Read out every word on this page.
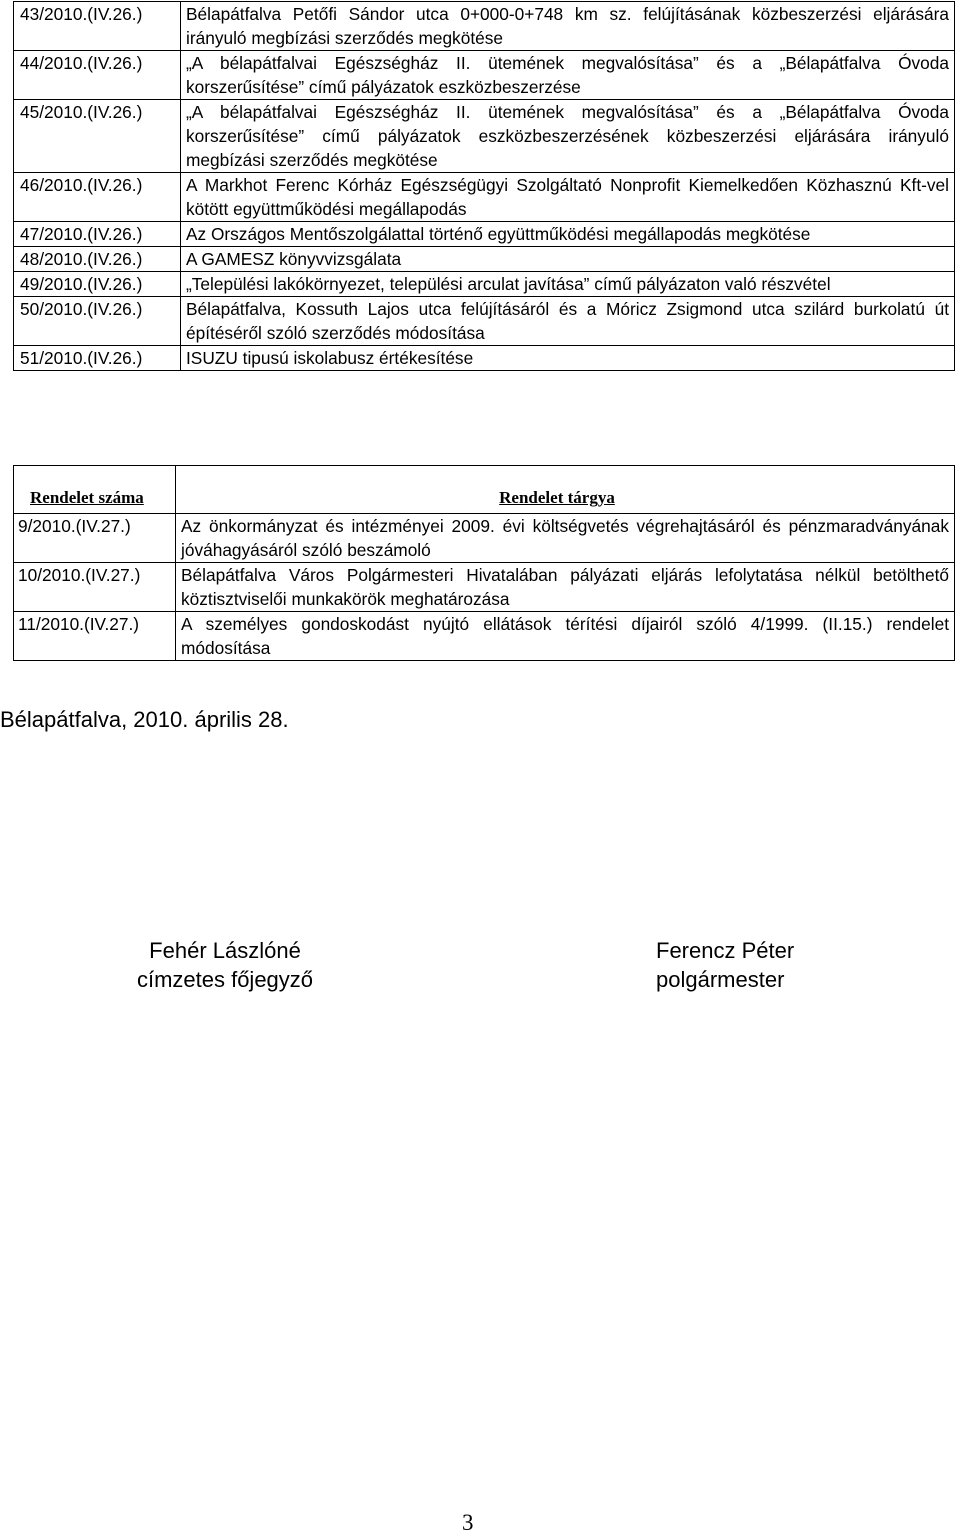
43/2010.(IV.26.)	Bélapátfalva Petőfi Sándor utca 0+000-0+748 km sz. felújításának közbeszerzési eljárására irányuló megbízási szerződés megkötése
44/2010.(IV.26.)	„A bélapátfalvai Egészségház II. ütemének megvalósítása” és a „Bélapátfalva Óvoda korszerűsítése” című pályázatok eszközbeszerzése
45/2010.(IV.26.)	„A bélapátfalvai Egészségház II. ütemének megvalósítása” és a „Bélapátfalva Óvoda korszerűsítése” című pályázatok eszközbeszerzésének közbeszerzési eljárására irányuló megbízási szerződés megkötése
46/2010.(IV.26.)	A Markhot Ferenc Kórház Egészségügyi Szolgáltató Nonprofit Kiemelkedően Közhasznú Kft-vel kötött együttműködési megállapodás
47/2010.(IV.26.)	Az Országos Mentőszolgálattal történő együttműködési megállapodás megkötése
48/2010.(IV.26.)	A GAMESZ könyvvizsgálata
49/2010.(IV.26.)	„Települési lakókörnyezet, települési arculat javítása” című pályázaton való részvétel
50/2010.(IV.26.)	Bélapátfalva, Kossuth Lajos utca felújításáról és a Móricz Zsigmond utca szilárd burkolatú út építéséről szóló szerződés módosítása
51/2010.(IV.26.)	ISUZU tipusú iskolabusz értékesítése
Rendelet száma	Rendelet tárgya
9/2010.(IV.27.)	Az önkormányzat és intézményei 2009. évi költségvetés végrehajtásáról és pénzmaradványának jóváhagyásáról szóló beszámoló
10/2010.(IV.27.)	Bélapátfalva Város Polgármesteri Hivatalában pályázati eljárás lefolytatása nélkül betölthető köztisztviselői munkakörök meghatározása
11/2010.(IV.27.)	A személyes gondoskodást nyújtó ellátások térítési díjairól szóló 4/1999. (II.15.) rendelet módosítása
Bélapátfalva, 2010. április 28.
Fehér Lászlóné
címzetes főjegyző
Ferencz Péter
polgármester
3
